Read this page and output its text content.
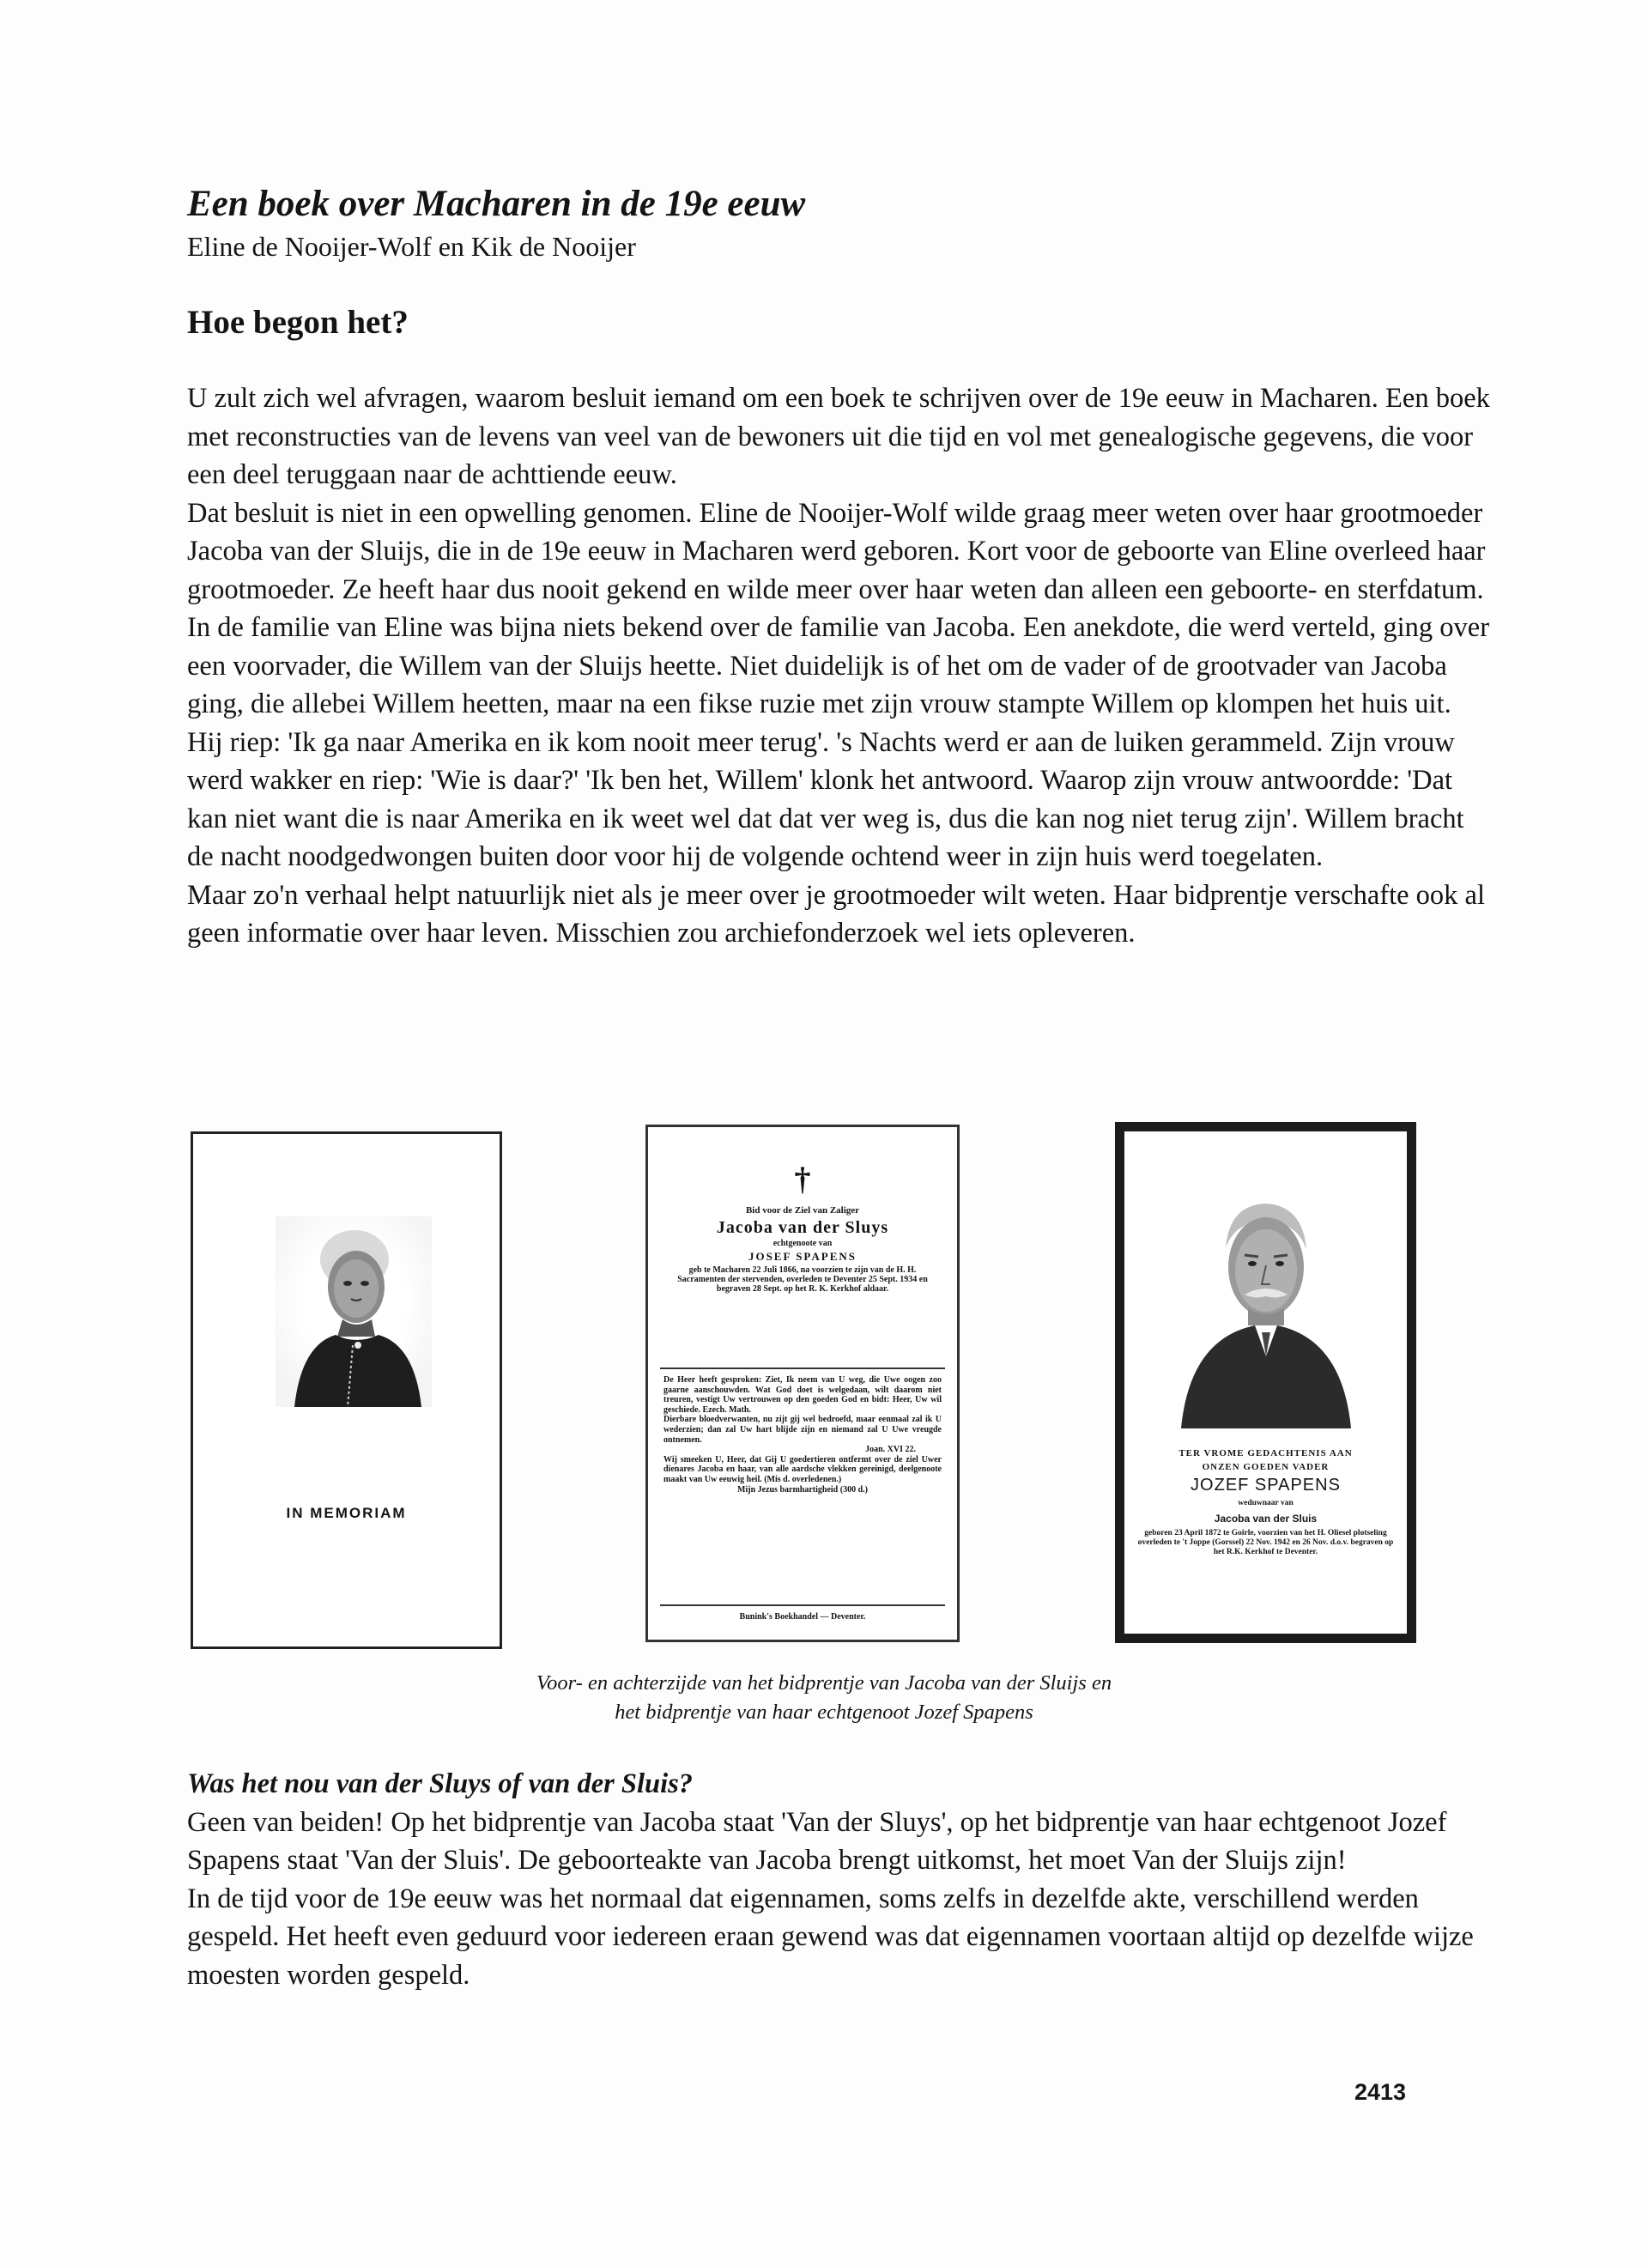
Een boek over Macharen in de 19e eeuw
Eline de Nooijer-Wolf en Kik de Nooijer
Hoe begon het?

U zult zich wel afvragen, waarom besluit iemand om een boek te schrijven over de 19e eeuw in Macharen. Een boek met reconstructies van de levens van veel van de bewoners uit die tijd en vol met genealogische gegevens, die voor een deel teruggaan naar de achttiende eeuw.

Dat besluit is niet in een opwelling genomen. Eline de Nooijer-Wolf wilde graag meer weten over haar grootmoeder Jacoba van der Sluijs, die in de 19e eeuw in Macharen werd geboren. Kort voor de geboorte van Eline overleed haar grootmoeder. Ze heeft haar dus nooit gekend en wilde meer over haar weten dan alleen een geboorte- en sterfdatum.

In de familie van Eline was bijna niets bekend over de familie van Jacoba. Een anekdote, die werd verteld, ging over een voorvader, die Willem van der Sluijs heette. Niet duidelijk is of het om de vader of de grootvader van Jacoba ging, die allebei Willem heetten, maar na een fikse ruzie met zijn vrouw stampte Willem op klompen het huis uit. Hij riep: 'Ik ga naar Amerika en ik kom nooit meer terug'. 's Nachts werd er aan de luiken gerammeld. Zijn vrouw werd wakker en riep: 'Wie is daar?' 'Ik ben het, Willem' klonk het antwoord. Waarop zijn vrouw antwoordde: 'Dat kan niet want die is naar Amerika en ik weet wel dat dat ver weg is, dus die kan nog niet terug zijn'. Willem bracht de nacht noodgedwongen buiten door voor hij de volgende ochtend weer in zijn huis werd toegelaten.

Maar zo'n verhaal helpt natuurlijk niet als je meer over je grootmoeder wilt weten. Haar bidprentje verschafte ook al geen informatie over haar leven. Misschien zou archiefonderzoek wel iets opleveren.

IN MEMORIAM
†
Bid voor de Ziel van Zaliger
Jacoba van der Sluys
echtgenoote van
JOSEF SPAPENS
geb te Macharen 22 Juli 1866, na voorzien te zijn van de H. H. Sacramenten der stervenden, overleden te Deventer 25 Sept. 1934 en begraven 28 Sept. op het R. K. Kerkhof aldaar.
De Heer heeft gesproken: Ziet, Ik neem van U weg, die Uwe oogen zoo gaarne aanschouwden. Wat God doet is welgedaan, wilt daarom niet treuren, vestigt Uw vertrouwen op den goeden God en bidt: Heer, Uw wil geschiede. Ezech. Math.
Dierbare bloedverwanten, nu zijt gij wel bedroefd, maar eenmaal zal ik U wederzien; dan zal Uw hart blijde zijn en niemand zal U Uwe vreugde ontnemen.
Joan. XVI 22.
Wij smeeken U, Heer, dat Gij U goedertieren ontfermt over de ziel Uwer dienares Jacoba en haar, van alle aardsche vlekken gereinigd, deelgenoote maakt van Uw eeuwig heil. (Mis d. overledenen.)
Mijn Jezus barmhartigheid (300 d.)
Bunink's Boekhandel — Deventer.
TER VROME GEDACHTENIS AAN
ONZEN GOEDEN VADER
JOZEF SPAPENS
weduwnaar van
Jacoba van der Sluis
geboren 23 April 1872 te Goirle, voorzien van het H. Oliesel plotseling overleden te 't Joppe (Gorssel) 22 Nov. 1942 en 26 Nov. d.o.v. begraven op het R.K. Kerkhof te Deventer.
Voor- en achterzijde van het bidprentje van Jacoba van der Sluijs en
het bidprentje van haar echtgenoot Jozef Spapens
Was het nou van der Sluys of van der Sluis?

Geen van beiden! Op het bidprentje van Jacoba staat 'Van der Sluys', op het bidprentje van haar echtgenoot Jozef Spapens staat 'Van der Sluis'. De geboorteakte van Jacoba brengt uitkomst, het moet Van der Sluijs zijn!

In de tijd voor de 19e eeuw was het normaal dat eigennamen, soms zelfs in dezelfde akte, verschillend werden gespeld. Het heeft even geduurd voor iedereen eraan gewend was dat eigennamen voortaan altijd op dezelfde wijze moesten worden gespeld.

2413
